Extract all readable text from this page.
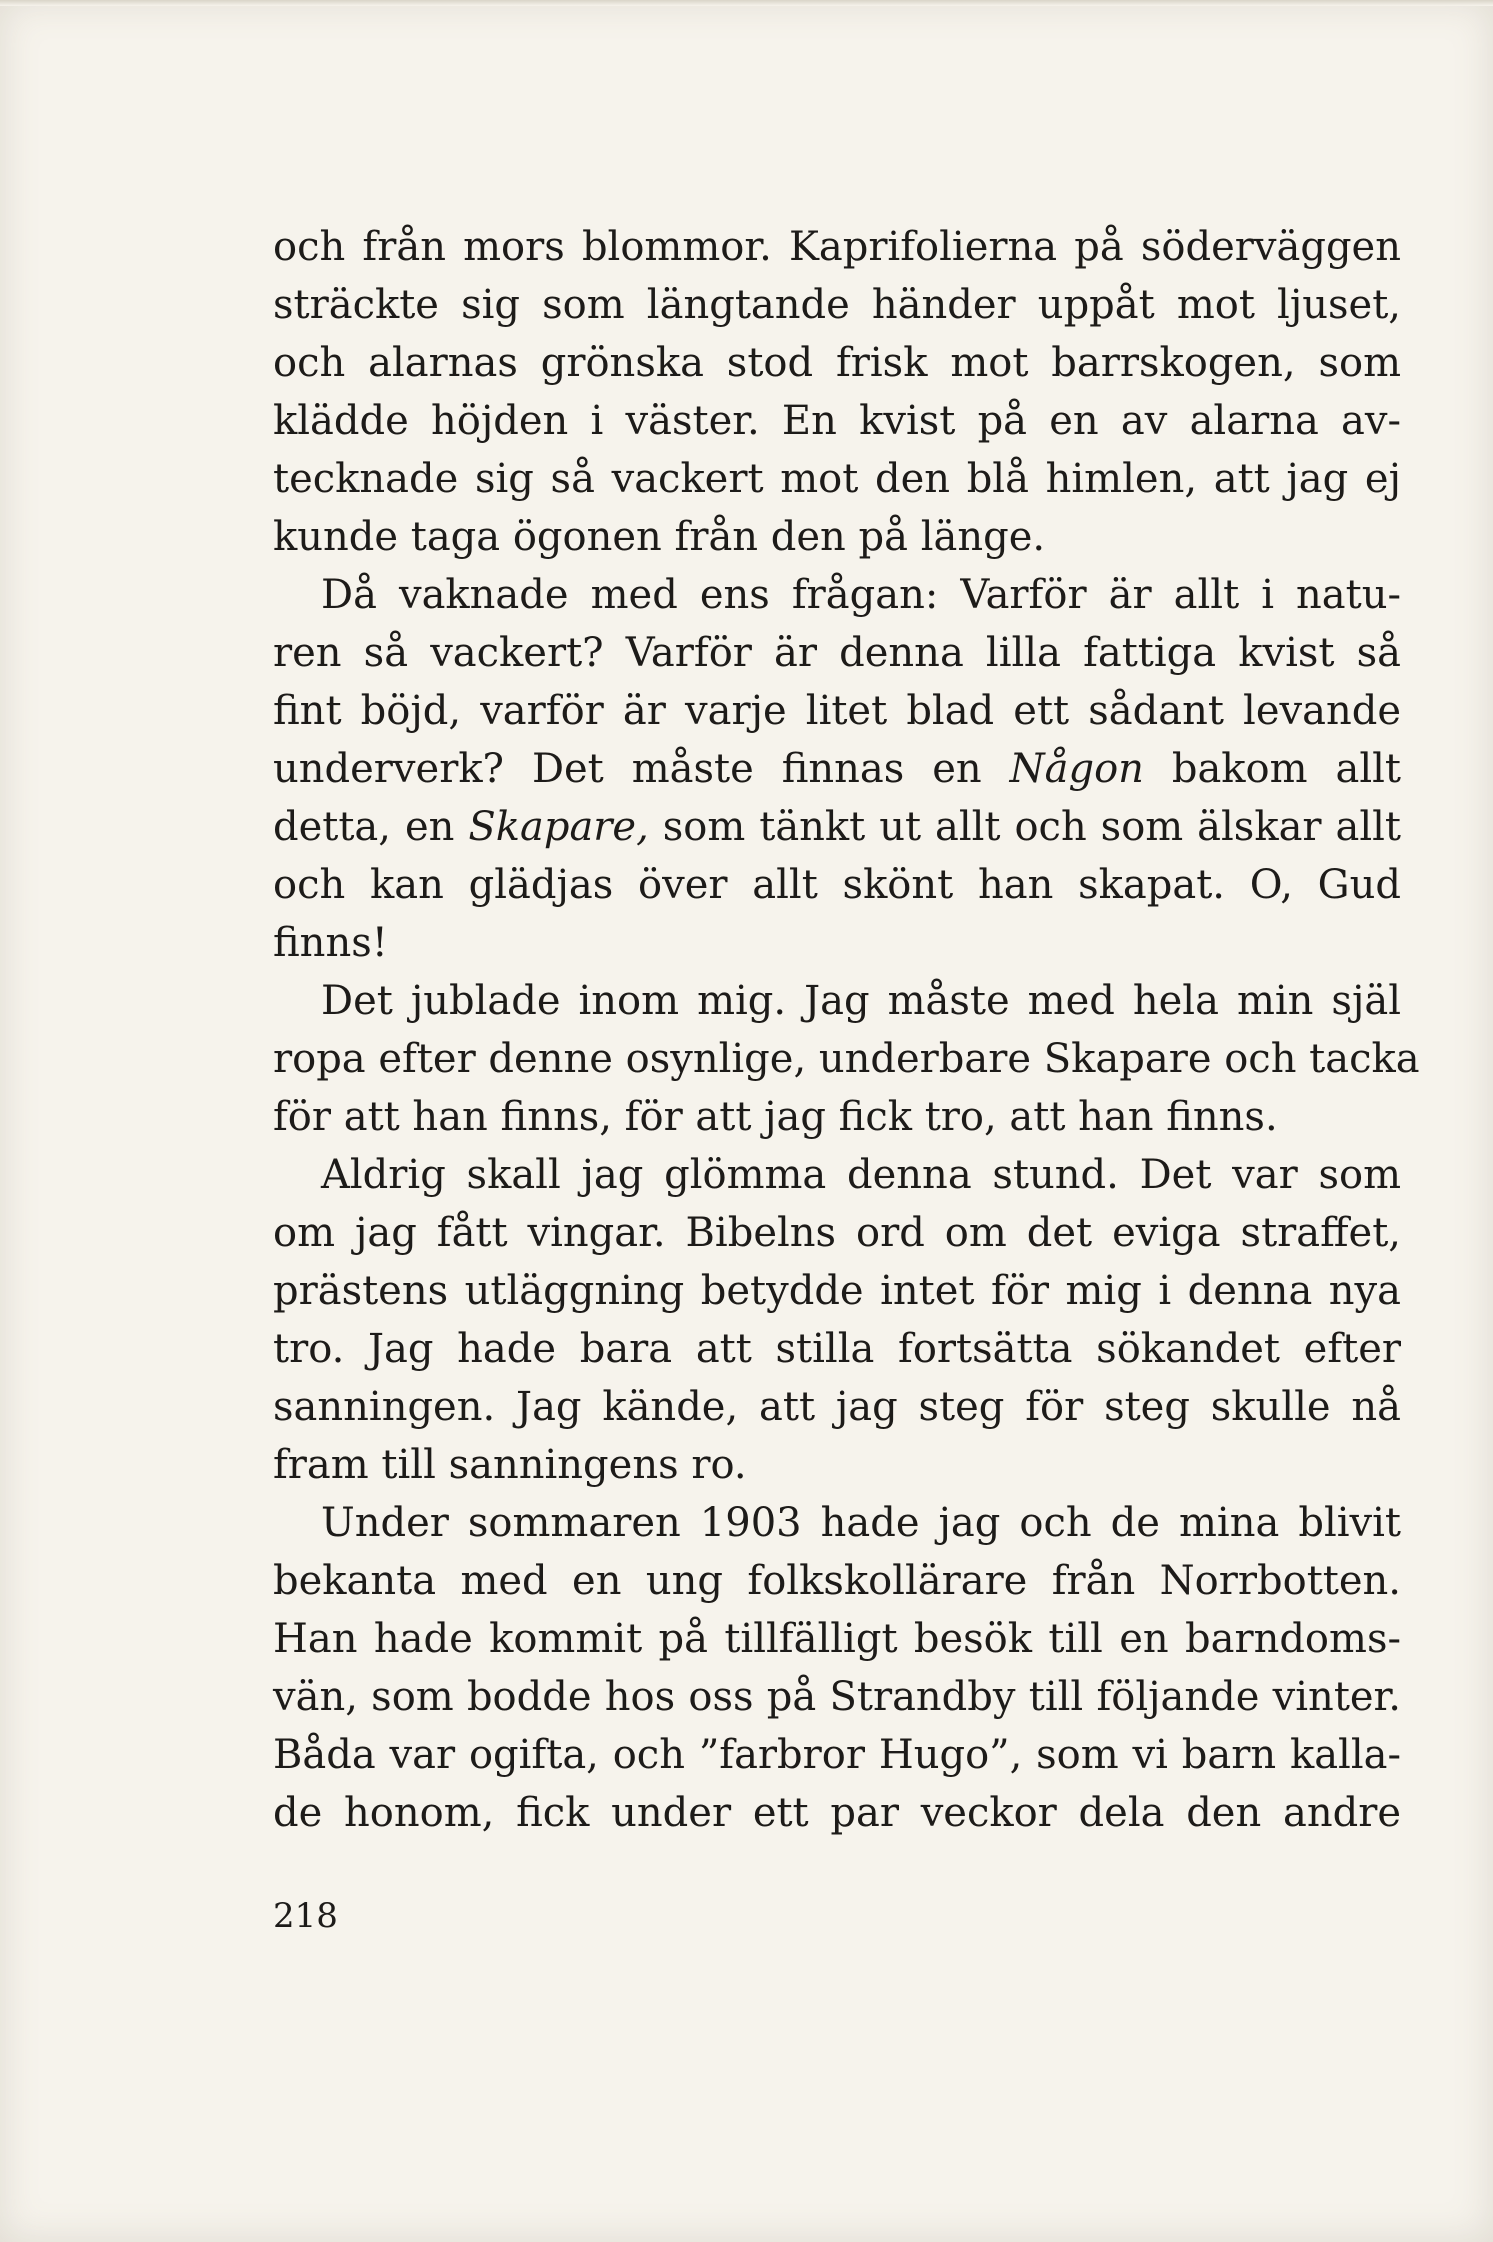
och från mors blommor. Kaprifolierna på söderväggen
sträckte sig som längtande händer uppåt mot ljuset,
och alarnas grönska stod frisk mot barrskogen, som
klädde höjden i väster. En kvist på en av alarna av-
tecknade sig så vackert mot den blå himlen, att jag ej
kunde taga ögonen från den på länge.
Då vaknade med ens frågan: Varför är allt i natu-
ren så vackert? Varför är denna lilla fattiga kvist så
fint böjd, varför är varje litet blad ett sådant levande
underverk? Det måste finnas en Någon bakom allt
detta, en Skapare, som tänkt ut allt och som älskar allt
och kan glädjas över allt skönt han skapat. O, Gud
finns!
Det jublade inom mig. Jag måste med hela min själ
ropa efter denne osynlige, underbare Skapare och tacka
för att han finns, för att jag fick tro, att han finns.
Aldrig skall jag glömma denna stund. Det var som
om jag fått vingar. Bibelns ord om det eviga straffet,
prästens utläggning betydde intet för mig i denna nya
tro. Jag hade bara att stilla fortsätta sökandet efter
sanningen. Jag kände, att jag steg för steg skulle nå
fram till sanningens ro.
Under sommaren 1903 hade jag och de mina blivit
bekanta med en ung folkskollärare från Norrbotten.
Han hade kommit på tillfälligt besök till en barndoms-
vän, som bodde hos oss på Strandby till följande vinter.
Båda var ogifta, och ”farbror Hugo”, som vi barn kalla-
de honom, fick under ett par veckor dela den andre
218
